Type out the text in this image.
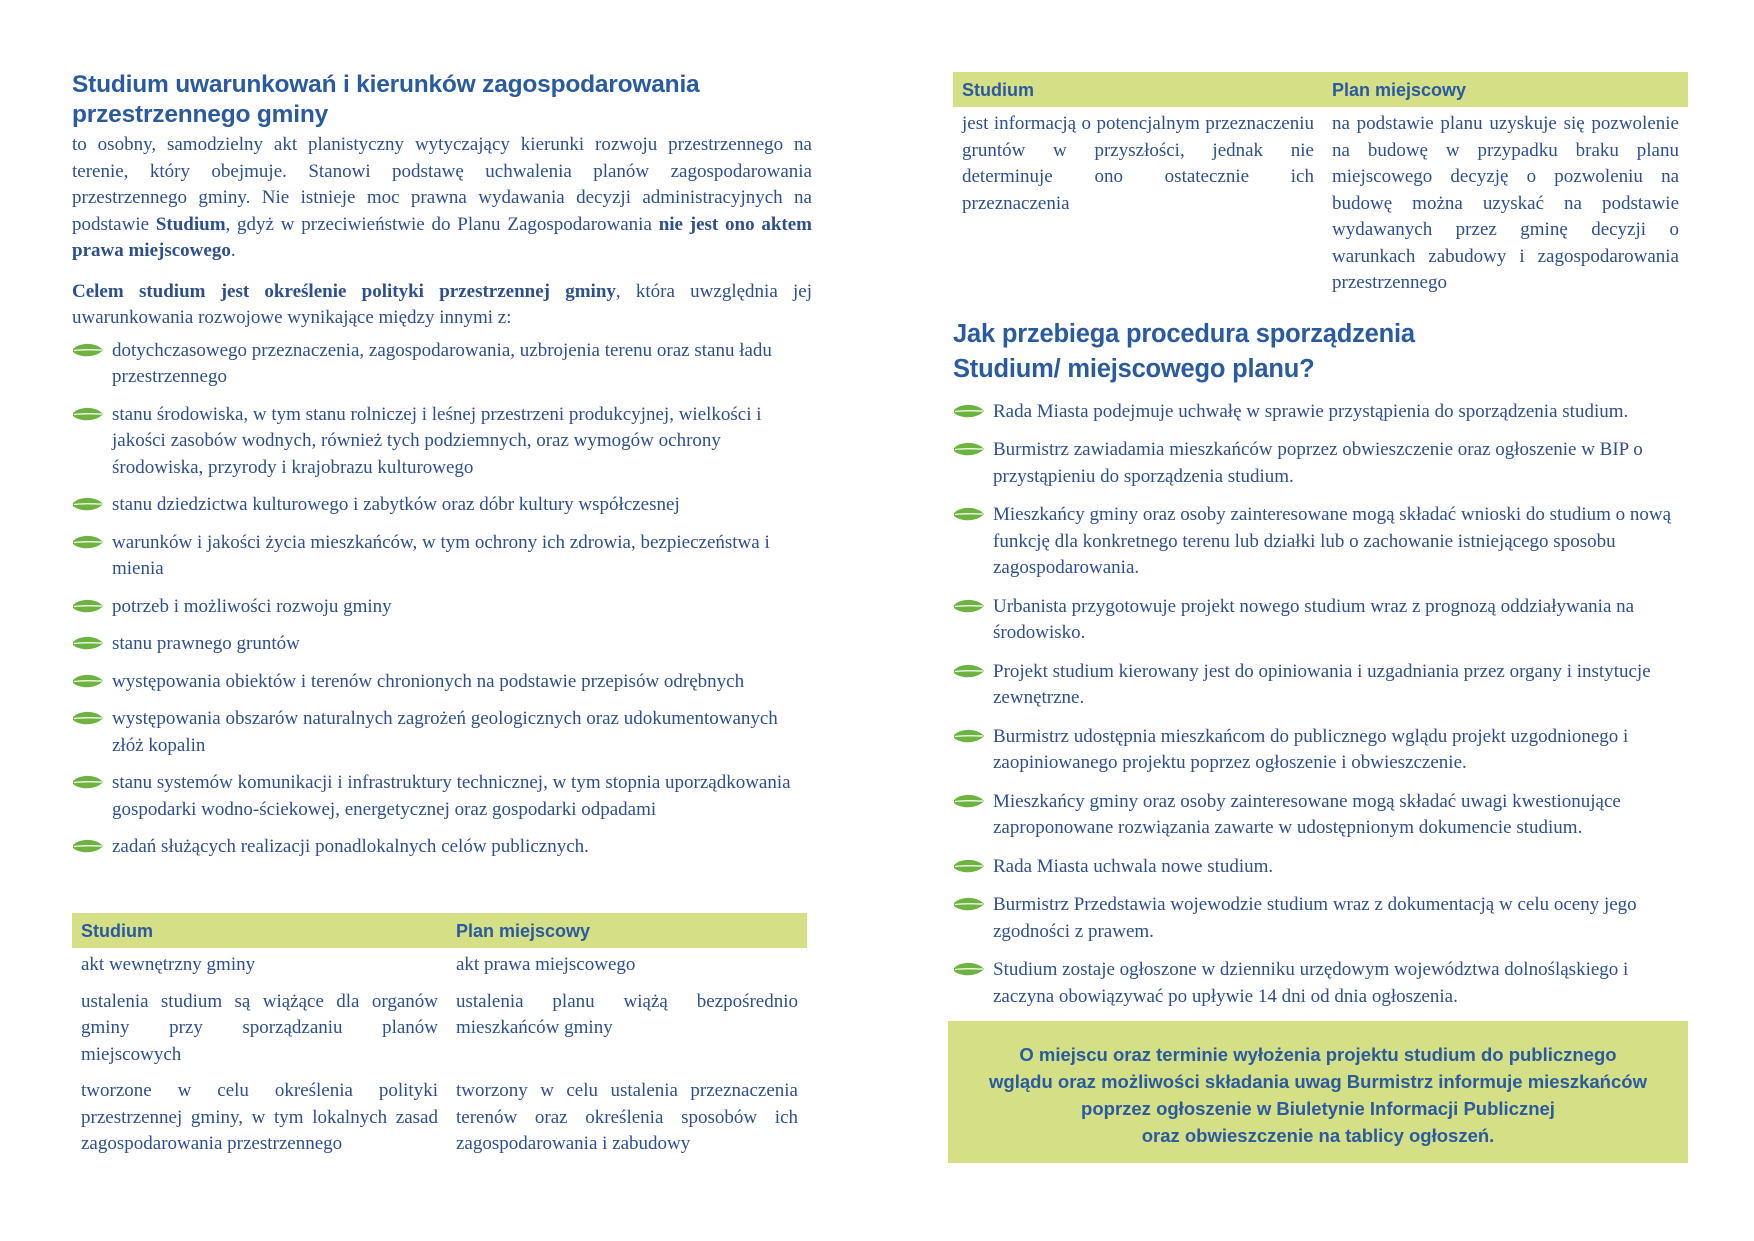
Studium uwarunkowań i kierunków zagospodarowania
przestrzennego gminy

to osobny, samodzielny akt planistyczny wytyczający kierunki rozwoju przestrzennego na terenie, który obejmuje. Stanowi podstawę uchwalenia planów zagospodarowania przestrzennego gminy. Nie istnieje moc prawna wydawania decyzji administracyjnych na podstawie Studium, gdyż w przeciwieństwie do Planu Zagospodarowania nie jest ono aktem prawa miejscowego.

Celem studium jest określenie polityki przestrzennej gminy, która uwzględnia jej uwarunkowania rozwojowe wynikające między innymi z:

dotychczasowego przeznaczenia, zagospodarowania, uzbrojenia terenu oraz stanu ładu przestrzennego
stanu środowiska, w tym stanu rolniczej i leśnej przestrzeni produkcyjnej, wielkości i jakości zasobów wodnych, również tych podziemnych, oraz wymogów ochrony środowiska, przyrody i krajobrazu kulturowego
stanu dziedzictwa kulturowego i zabytków oraz dóbr kultury współczesnej
warunków i jakości życia mieszkańców, w tym ochrony ich zdrowia, bezpieczeństwa i mienia
potrzeb i możliwości rozwoju gminy
stanu prawnego gruntów
występowania obiektów i terenów chronionych na podstawie przepisów odrębnych
występowania obszarów naturalnych zagrożeń geologicznych oraz udokumentowanych złóż kopalin
stanu systemów komunikacji i infrastruktury technicznej, w tym stopnia uporządkowania gospodarki wodno-ściekowej, energetycznej oraz gospodarki odpadami
zadań służących realizacji ponadlokalnych celów publicznych.
Studium	Plan miejscowy
akt wewnętrzny gminy	akt prawa miejscowego
ustalenia studium są wiążące dla organów gminy przy sporządzaniu planów miejscowych	ustalenia planu wiążą bezpośrednio mieszkańców gminy
tworzone w celu określenia polityki przestrzennej gminy, w tym lokalnych zasad zagospodarowania przestrzennego	tworzony w celu ustalenia przeznaczenia terenów oraz określenia sposobów ich zagospodarowania i zabudowy
Studium	Plan miejscowy
jest informacją o potencjalnym przeznaczeniu gruntów w przyszłości, jednak nie determinuje ono ostatecznie ich przeznaczenia	na podstawie planu uzyskuje się pozwolenie na budowę w przypadku braku planu miejscowego decyzję o pozwoleniu na budowę można uzyskać na podstawie wydawanych przez gminę decyzji o warunkach zabudowy i zagospodarowania przestrzennego
Jak przebiega procedura sporządzenia
Studium/ miejscowego planu?
Rada Miasta podejmuje uchwałę w sprawie przystąpienia do sporządzenia studium.
Burmistrz zawiadamia mieszkańców poprzez obwieszczenie oraz ogłoszenie w BIP o przystąpieniu do sporządzenia studium.
Mieszkańcy gminy oraz osoby zainteresowane mogą składać wnioski do studium o nową funkcję dla konkretnego terenu lub działki lub o zachowanie istniejącego sposobu zagospodarowania.
Urbanista przygotowuje projekt nowego studium wraz z prognozą oddziaływania na środowisko.
Projekt studium kierowany jest do opiniowania i uzgadniania przez organy i instytucje zewnętrzne.
Burmistrz udostępnia mieszkańcom do publicznego wglądu projekt uzgodnionego i zaopiniowanego projektu poprzez ogłoszenie i obwieszczenie.
Mieszkańcy gminy oraz osoby zainteresowane mogą składać uwagi kwestionujące zaproponowane rozwiązania zawarte w udostępnionym dokumencie studium.
Rada Miasta uchwala nowe studium.
Burmistrz Przedstawia wojewodzie studium wraz z dokumentacją w celu oceny jego zgodności z prawem.
Studium zostaje ogłoszone w dzienniku urzędowym województwa dolnośląskiego i zaczyna obowiązywać po upływie 14 dni od dnia ogłoszenia.
O miejscu oraz terminie wyłożenia projektu studium do publicznego
wglądu oraz możliwości składania uwag Burmistrz informuje mieszkańców
poprzez ogłoszenie w Biuletynie Informacji Publicznej
oraz obwieszczenie na tablicy ogłoszeń.
